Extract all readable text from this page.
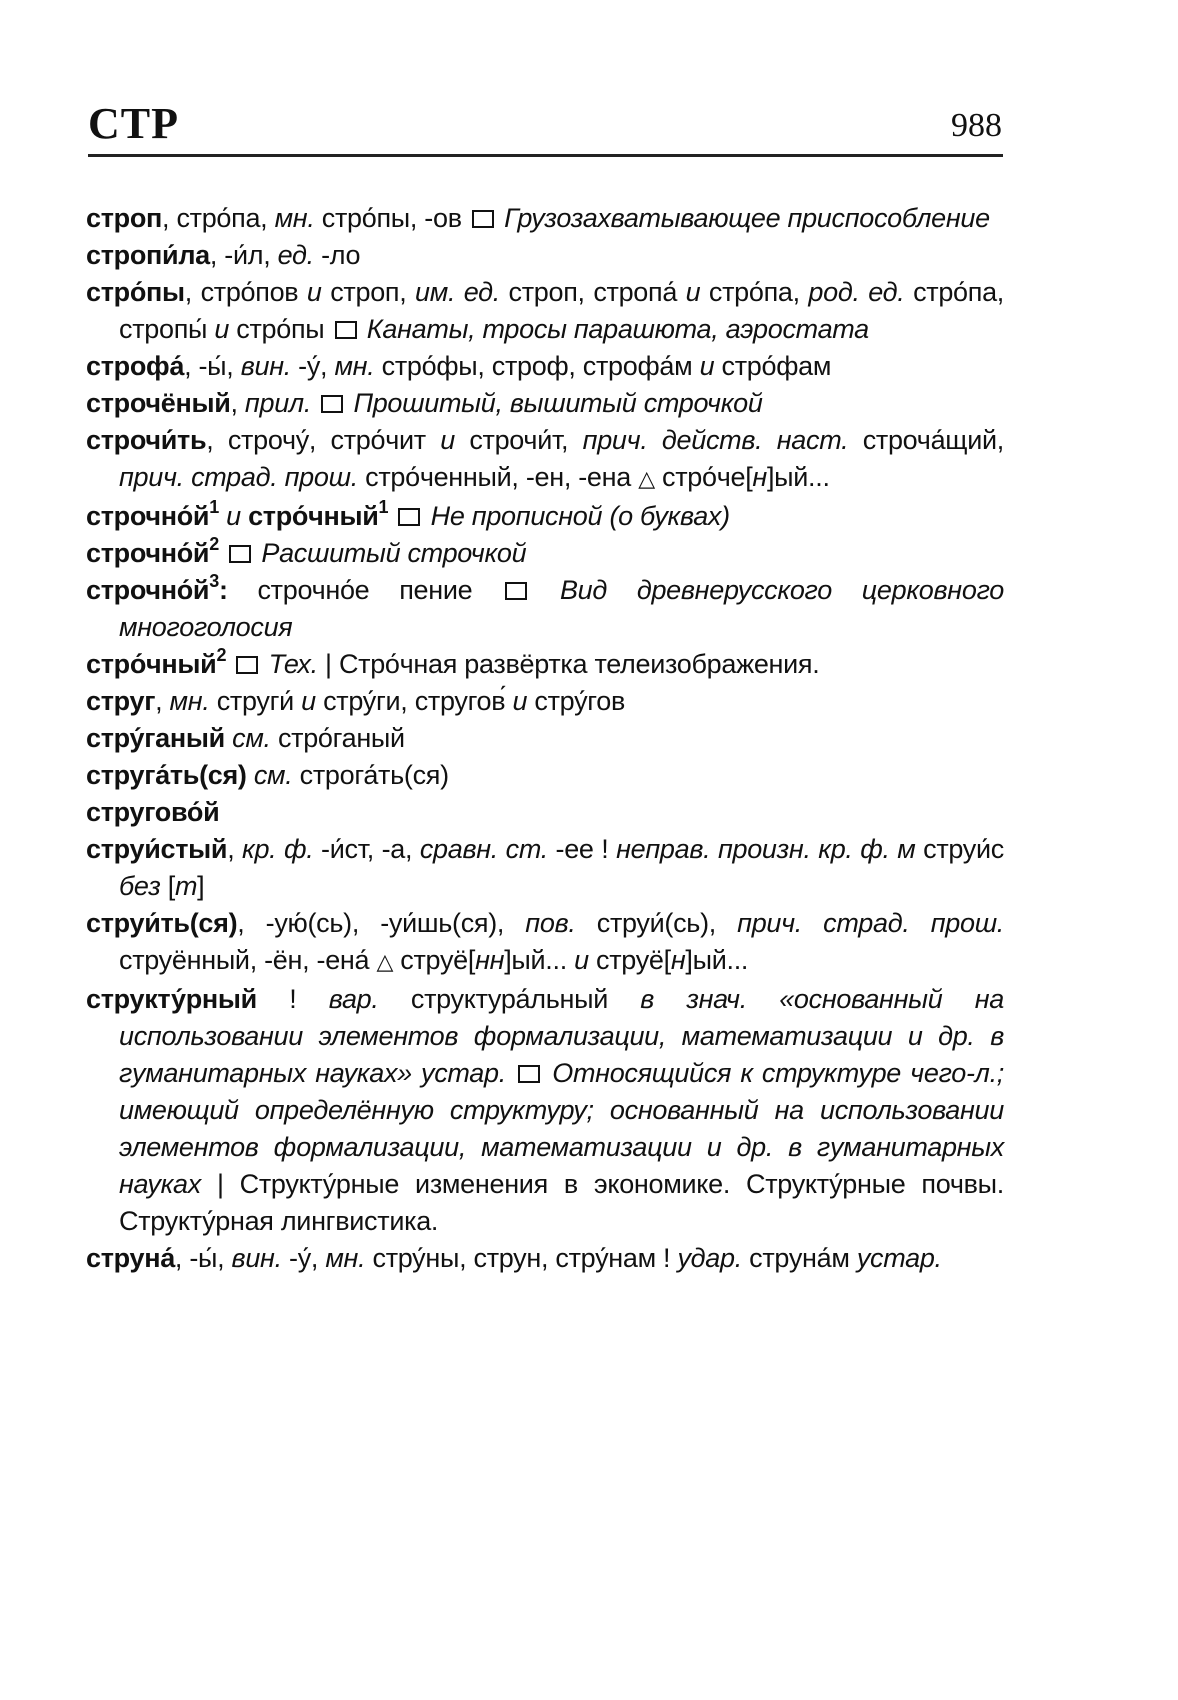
СТР	988

строп, стро́па, мн. стро́пы, -ов  Грузозахватывающее приспособление

стропи́ла, -и́л, ед. -ло

стро́пы, стро́пов и строп, им. ед. строп, стропа́ и стро́па, род. ед. стро́па, стропы́ и стро́пы  Канаты, тросы парашюта, аэростата

строфа́, -ы́, вин. -у́, мн. стро́фы, строф, строфа́м и стро́фам

строчёный, прил.  Прошитый, вышитый строчкой

строчи́ть, строчу́, стро́чит и строчи́т, прич. действ. наст. строча́щий, прич. страд. прош. стро́ченный, -ен, -ена △ стро́че[н]ый...

$строчно́й^1$ и стро́чный$^1$  Не прописной (о буквах)

$строчно́й^2$  Расшитый строчкой

$строчно́й^3$: строчно́е пение  Вид древнерусского церковного многоголосия

стро́чный$^2$  Тех. | Стро́чная развёртка телеизображения.

струг, мн. струги́ и стру́ги, стругов́ и стру́гов

стру́ганый см. стро́ганый

струга́ть(ся) см. строга́ть(ся)

стругово́й

струи́стый, кр. ф. -и́ст, -а, сравн. ст. -ее ! неправ. произн. кр. ф. м струи́с без [т]

струи́ть(ся), -ую́(сь), -уи́шь(ся), пов. струи́(сь), прич. страд. прош. струённый, -ён, -ена́ △ струё[нн]ый... и струё[н]ый...

структу́рный ! вар. структура́льный в знач. «основанный на использовании элементов формализации, математизации и др. в гуманитарных науках» устар.  Относящийся к структуре чего-л.; имеющий определённую структуру; основанный на использовании элементов формализации, математизации и др. в гуманитарных науках | Структу́рные изменения в экономике. Структу́рные почвы. Структу́рная лингвистика.

струна́, -ы́, вин. -у́, мн. стру́ны, струн, стру́нам ! удар. струна́м устар.
